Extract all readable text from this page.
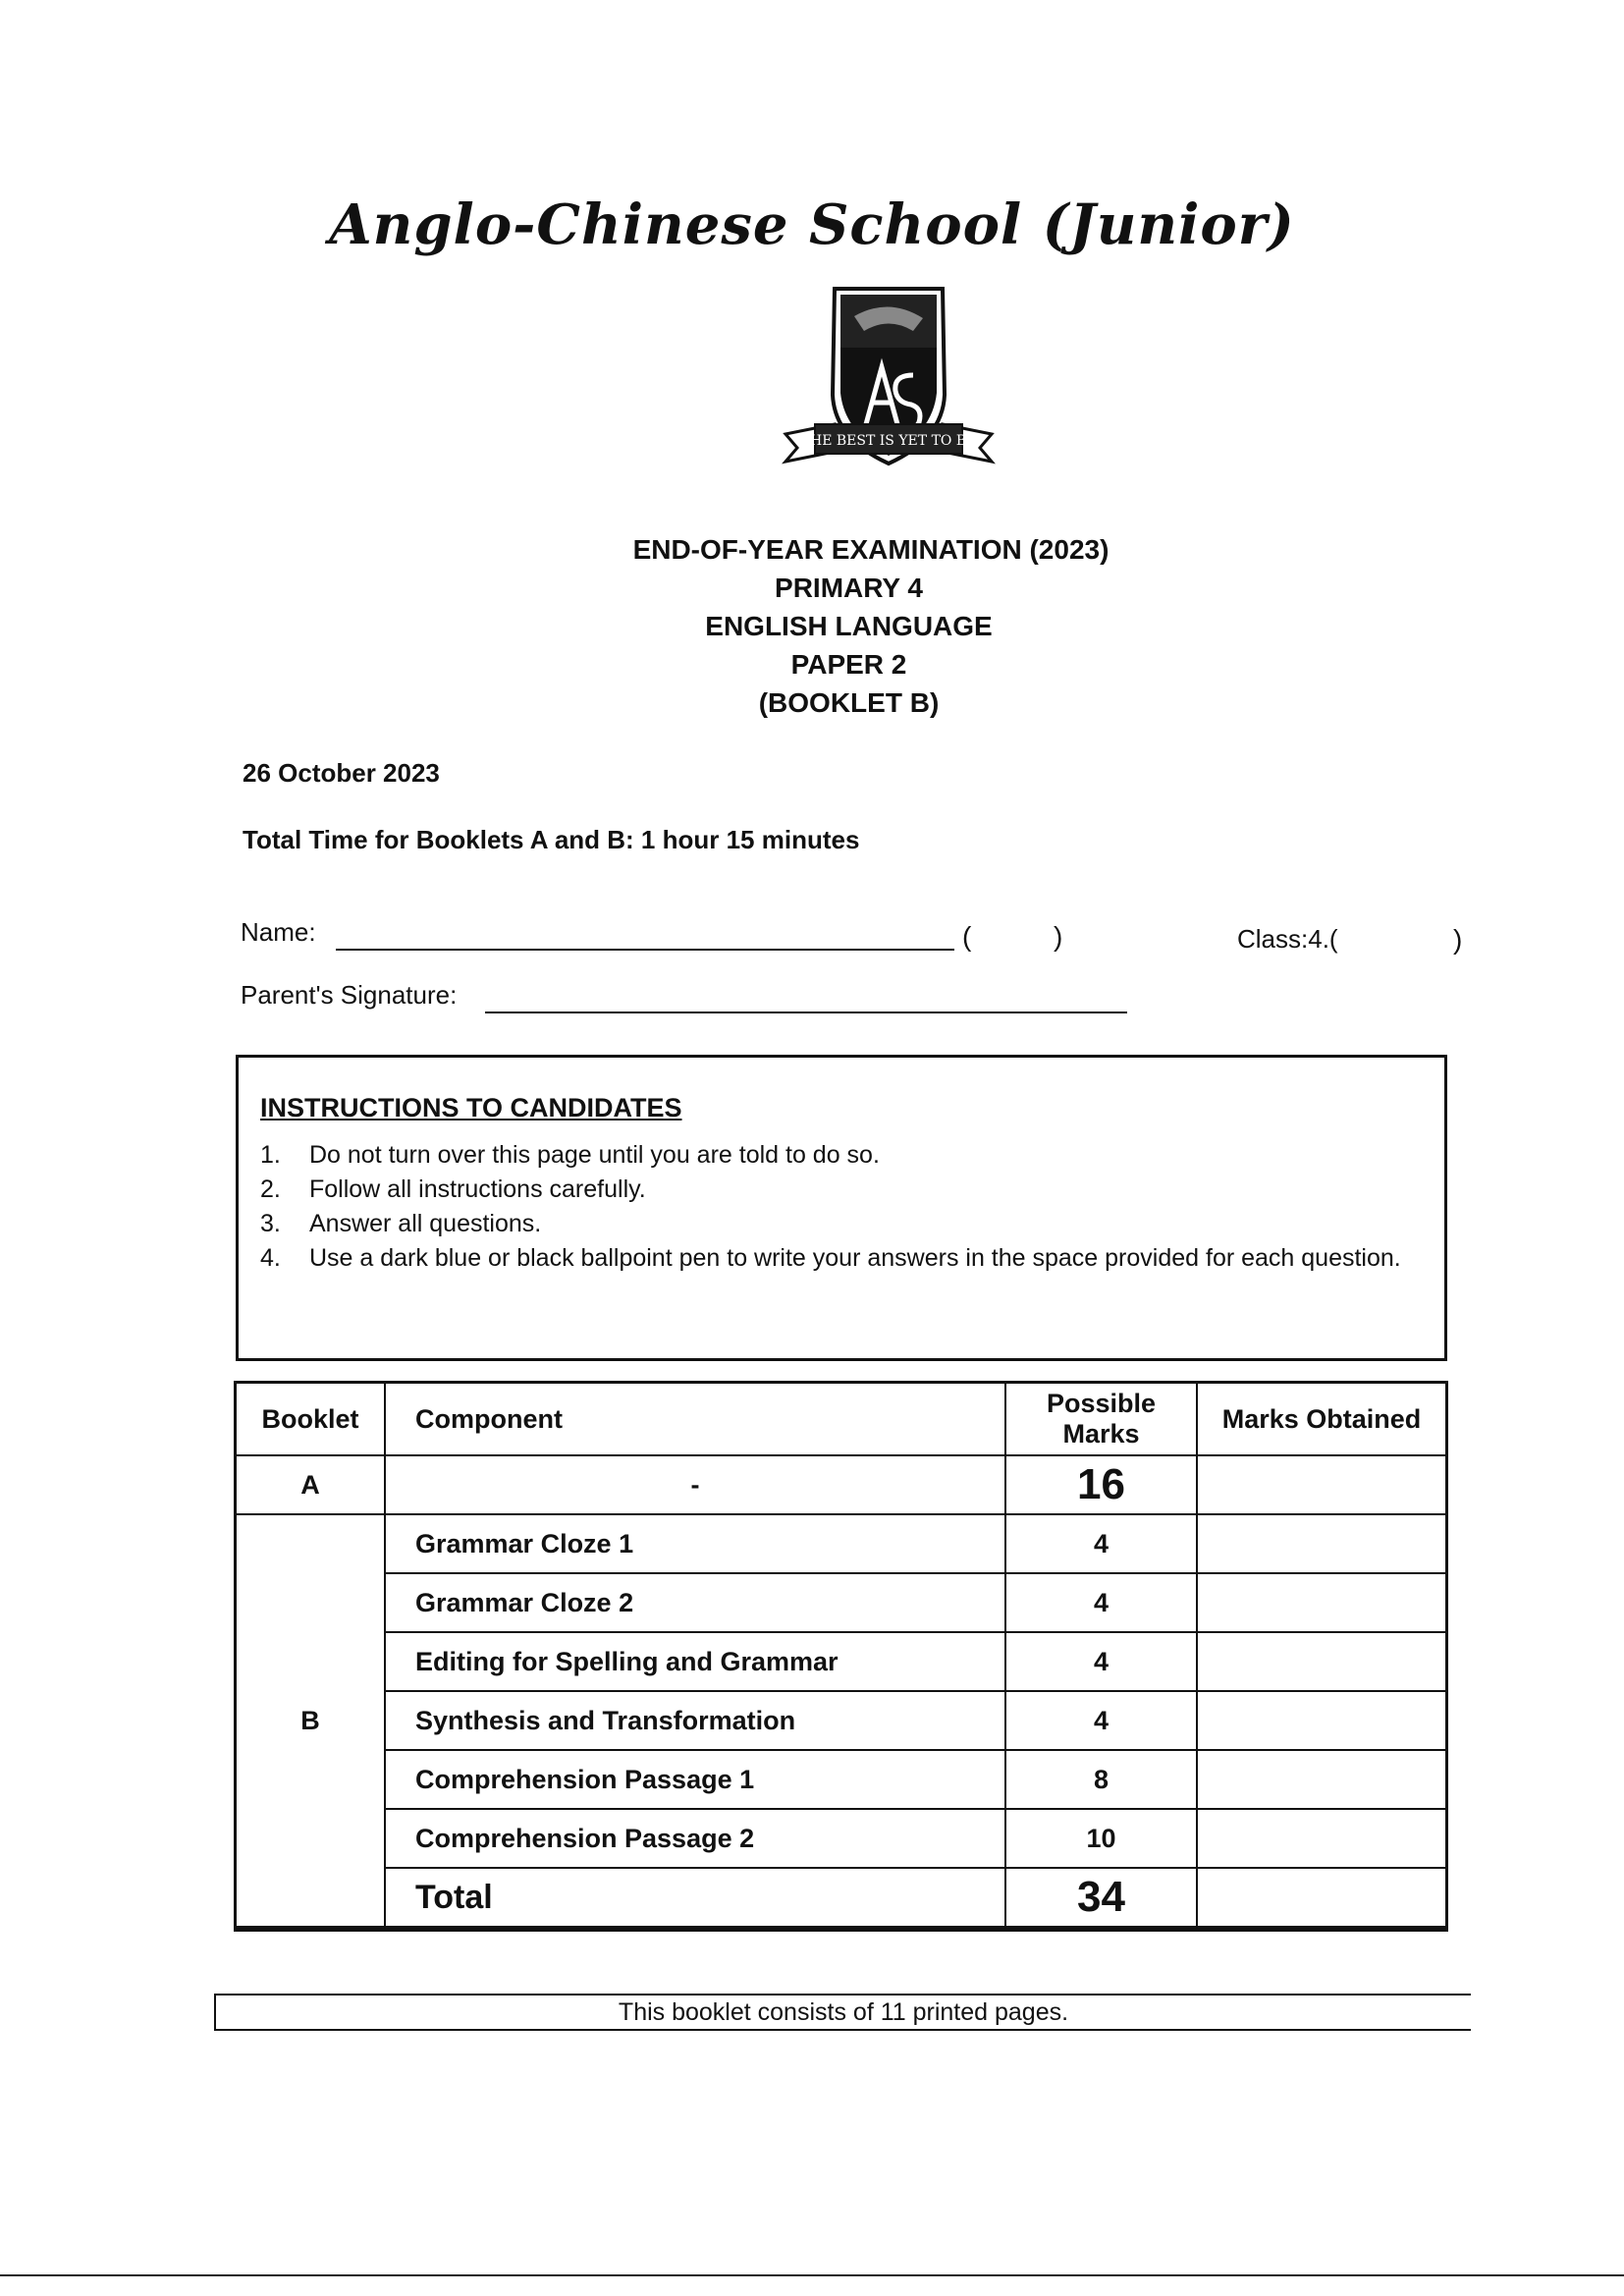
Anglo-Chinese School (Junior)
THE BEST IS YET TO BE
END-OF-YEAR EXAMINATION (2023)
PRIMARY 4
ENGLISH LANGUAGE
PAPER 2
(BOOKLET B)
26 October 2023
Total Time for Booklets A and B: 1 hour 15 minutes
Name:	(	)	Class:4.(	)
Parent's Signature:
INSTRUCTIONS TO CANDIDATES
1.	Do not turn over this page until you are told to do so.
2.	Follow all instructions carefully.
3.	Answer all questions.
4.	Use a dark blue or black ballpoint pen to write your answers in the space provided for each question.
Booklet	Component	Possible Marks	Marks Obtained
A	-	16	
B	Grammar Cloze 1	4	
	Grammar Cloze 2	4	
	Editing for Spelling and Grammar	4	
	Synthesis and Transformation	4	
	Comprehension Passage 1	8	
	Comprehension Passage 2	10	
	Total	34	
This booklet consists of 11 printed pages.
